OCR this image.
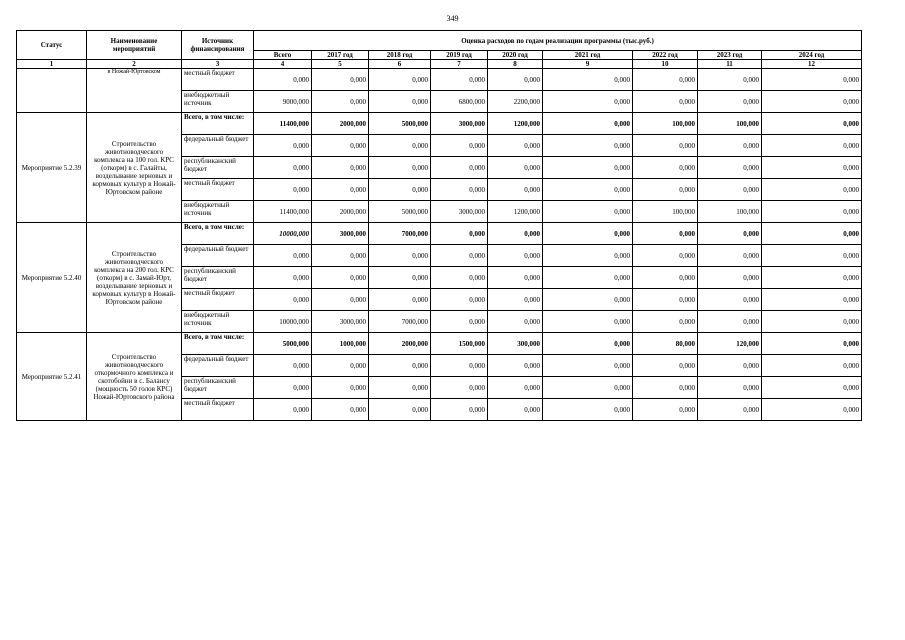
349
Статус	Наименование мероприятий	Источник финансирования	Оценка расходов по годам реализации программы (тыс.руб.)								
			Всего	2017 год	2018 год	2019 год	2020 год	2021 год	2022 год	2023 год	2024 год
1	2	3	4	5	6	7	8	9	10	11	12
	в Ножай-Юртовском	местный бюджет	0,000	0,000	0,000	0,000	0,000	0,000	0,000	0,000	0,000
		внебюджетный источник	9000,000	0,000	0,000	6800,000	2200,000	0,000	0,000	0,000	0,000
Мероприятие 5.2.39	Строительство животноводческого комплекса на 100 гол. КРС (откорм) в с. Галайты, возделывание зерновых и кормовых культур в Ножай-Юртовском районе	Всего, в том числе:	11400,000	2000,000	5000,000	3000,000	1200,000	0,000	100,000	100,000	0,000
		федеральный бюджет	0,000	0,000	0,000	0,000	0,000	0,000	0,000	0,000	0,000
		республиканский бюджет	0,000	0,000	0,000	0,000	0,000	0,000	0,000	0,000	0,000
		местный бюджет	0,000	0,000	0,000	0,000	0,000	0,000	0,000	0,000	0,000
		внебюджетный источник	11400,000	2000,000	5000,000	3000,000	1200,000	0,000	100,000	100,000	0,000
Мероприятие 5.2.40	Строительство животноводческого комплекса на 200 гол. КРС (откорм) в с. Замай-Юрт, возделывание зерновых и кормовых культур в Ножай-Юртовском районе	Всего, в том числе:	10000,000	3000,000	7000,000	0,000	0,000	0,000	0,000	0,000	0,000
		федеральный бюджет	0,000	0,000	0,000	0,000	0,000	0,000	0,000	0,000	0,000
		республиканский бюджет	0,000	0,000	0,000	0,000	0,000	0,000	0,000	0,000	0,000
		местный бюджет	0,000	0,000	0,000	0,000	0,000	0,000	0,000	0,000	0,000
		внебюджетный источник	10000,000	3000,000	7000,000	0,000	0,000	0,000	0,000	0,000	0,000
Мероприятие 5.2.41	Строительство животноводческого откормочного комплекса и скотобойни в с. Балансу (мощность 50 голов КРС) Ножай-Юртовского района	Всего, в том числе:	5000,000	1000,000	2000,000	1500,000	300,000	0,000	80,000	120,000	0,000
		федеральный бюджет	0,000	0,000	0,000	0,000	0,000	0,000	0,000	0,000	0,000
		республиканский бюджет	0,000	0,000	0,000	0,000	0,000	0,000	0,000	0,000	0,000
		местный бюджет	0,000	0,000	0,000	0,000	0,000	0,000	0,000	0,000	0,000
